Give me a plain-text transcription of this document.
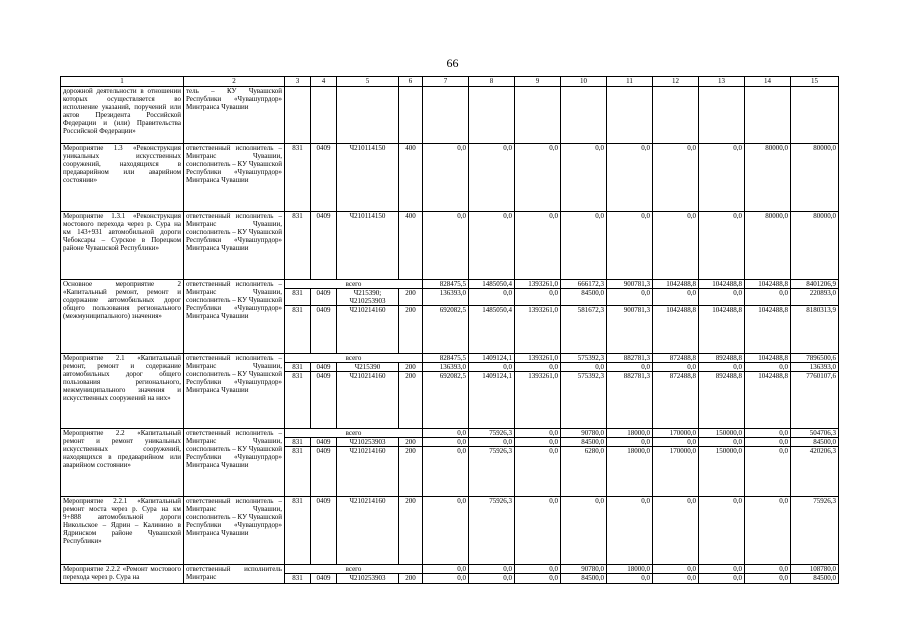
66
1	2	3	4	5	6	7	8	9	10	11	12	13	14	15
дорожной деятельности в отношении которых осуществляется во исполнение указаний, поручений или актов Президента Российской Федерации и (или) Правительства Российской Федерации»	тель – КУ Чувашской Республики «Чувашупрдор» Минтранса Чувашии													
Мероприятие 1.3 «Реконструкция уникальных искусственных сооружений, находящихся в предаварийном или аварийном состоянии»	ответственный исполнитель – Минтранс Чувашии, соисполнитель – КУ Чувашской Республики «Чувашупрдор» Минтранса Чувашии	831	0409	Ч210114150	400	0,0	0,0	0,0	0,0	0,0	0,0	0,0	80000,0	80000,0
Мероприятие 1.3.1 «Реконструкция мостового перехода через р. Сура на км 143+931 автомобильной дороги Чебоксары – Сурское в Порецком районе Чувашской Республики»	ответственный исполнитель – Минтранс Чувашии, соисполнитель – КУ Чувашской Республики «Чувашупрдор» Минтранса Чувашии	831	0409	Ч210114150	400	0,0	0,0	0,0	0,0	0,0	0,0	0,0	80000,0	80000,0
Основное мероприятие 2 «Капитальный ремонт, ремонт и содержание автомобильных дорог общего пользования регионального (межмуниципального) значения»	ответственный исполнитель – Минтранс Чувашии, соисполнитель – КУ Чувашской Республики «Чувашупрдор» Минтранса Чувашии	всего				828475,5	1485050,4	1393261,0	666172,3	900781,3	1042488,8	1042488,8	1042488,8	8401206,9
		831	0409	Ч215390; Ч210253903	200	136393,0	0,0	0,0	84500,0	0,0	0,0	0,0	0,0	220893,0
		831	0409	Ч210214160	200	692082,5	1485050,4	1393261,0	581672,3	900781,3	1042488,8	1042488,8	1042488,8	8180313,9
Мероприятие 2.1 «Капитальный ремонт, ремонт и содержание автомобильных дорог общего пользования регионального, межмуниципального значения и искусственных сооружений на них»	ответственный исполнитель – Минтранс Чувашии, соисполнитель – КУ Чувашской Республики «Чувашупрдор» Минтранса Чувашии	всего				828475,5	1409124,1	1393261,0	575392,3	882781,3	872488,8	892488,8	1042488,8	7896500,6
		831	0409	Ч215390	200	136393,0	0,0	0,0	0,0	0,0	0,0	0,0	0,0	136393,0
		831	0409	Ч210214160	200	692082,5	1409124,1	1393261,0	575392,3	882781,3	872488,8	892488,8	1042488,8	7760107,6
Мероприятие 2.2 «Капитальный ремонт и ремонт уникальных искусственных сооружений, находящихся в предаварийном или аварийном состоянии»	ответственный исполнитель – Минтранс Чувашии, соисполнитель – КУ Чувашской Республики «Чувашупрдор» Минтранса Чувашии	всего				0,0	75926,3	0,0	90780,0	18000,0	170000,0	150000,0	0,0	504706,3
		831	0409	Ч210253903	200	0,0	0,0	0,0	84500,0	0,0	0,0	0,0	0,0	84500,0
		831	0409	Ч210214160	200	0,0	75926,3	0,0	6280,0	18000,0	170000,0	150000,0	0,0	420206,3
Мероприятие 2.2.1 «Капитальный ремонт моста через р. Сура на км 9+888 автомобильной дороги Никольское – Ядрин – Калинино в Ядринском районе Чувашской Республики»	ответственный исполнитель – Минтранс Чувашии, соисполнитель – КУ Чувашской Республики «Чувашупрдор» Минтранса Чувашии	831	0409	Ч210214160	200	0,0	75926,3	0,0	0,0	0,0	0,0	0,0	0,0	75926,3
Мероприятие 2.2.2 «Ремонт мостового перехода через р. Сура на	ответственный исполнитель Минтранс	всего				0,0	0,0	0,0	90780,0	18000,0	0,0	0,0	0,0	108780,0
		831	0409	Ч210253903	200	0,0	0,0	0,0	84500,0	0,0	0,0	0,0	0,0	84500,0
